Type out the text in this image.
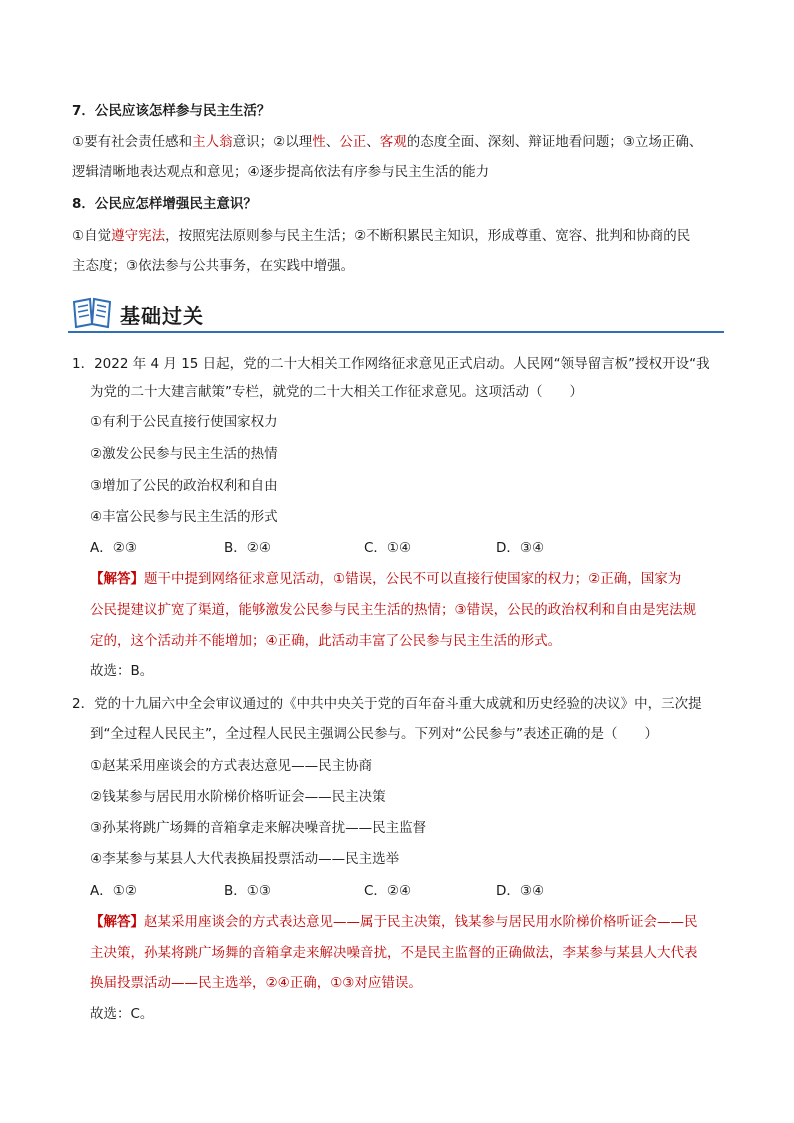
7．公民应该怎样参与民主生活？
①要有社会责任感和主人翁意识；②以理性、公正、客观的态度全面、深刻、辩证地看问题；③立场正确、
逻辑清晰地表达观点和意见；④逐步提高依法有序参与民主生活的能力
8．公民应怎样增强民主意识？
①自觉遵守宪法，按照宪法原则参与民主生活；②不断积累民主知识，形成尊重、宽容、批判和协商的民
主态度；③依法参与公共事务，在实践中增强。
基础过关
1．2022 年 4 月 15 日起，党的二十大相关工作网络征求意见正式启动。人民网“领导留言板”授权开设“我
为党的二十大建言献策”专栏，就党的二十大相关工作征求意见。这项活动（　　）
①有利于公民直接行使国家权力
②激发公民参与民主生活的热情
③增加了公民的政治权利和自由
④丰富公民参与民主生活的形式
A．②③	B．②④	C．①④	D．③④
【解答】题干中提到网络征求意见活动，①错误，公民不可以直接行使国家的权力；②正确，国家为
公民提建议扩宽了渠道，能够激发公民参与民主生活的热情；③错误，公民的政治权利和自由是宪法规
定的，这个活动并不能增加；④正确，此活动丰富了公民参与民主生活的形式。
故选：B。
2．党的十九届六中全会审议通过的《中共中央关于党的百年奋斗重大成就和历史经验的决议》中，三次提
到“全过程人民民主”，全过程人民民主强调公民参与。下列对“公民参与”表述正确的是（　　）
①赵某采用座谈会的方式表达意见——民主协商
②钱某参与居民用水阶梯价格听证会——民主决策
③孙某将跳广场舞的音箱拿走来解决噪音扰——民主监督
④李某参与某县人大代表换届投票活动——民主选举
A．①②	B．①③	C．②④	D．③④
【解答】赵某采用座谈会的方式表达意见——属于民主决策，钱某参与居民用水阶梯价格听证会——民
主决策，孙某将跳广场舞的音箱拿走来解决噪音扰，不是民主监督的正确做法，李某参与某县人大代表
换届投票活动——民主选举，②④正确，①③对应错误。
故选：C。
